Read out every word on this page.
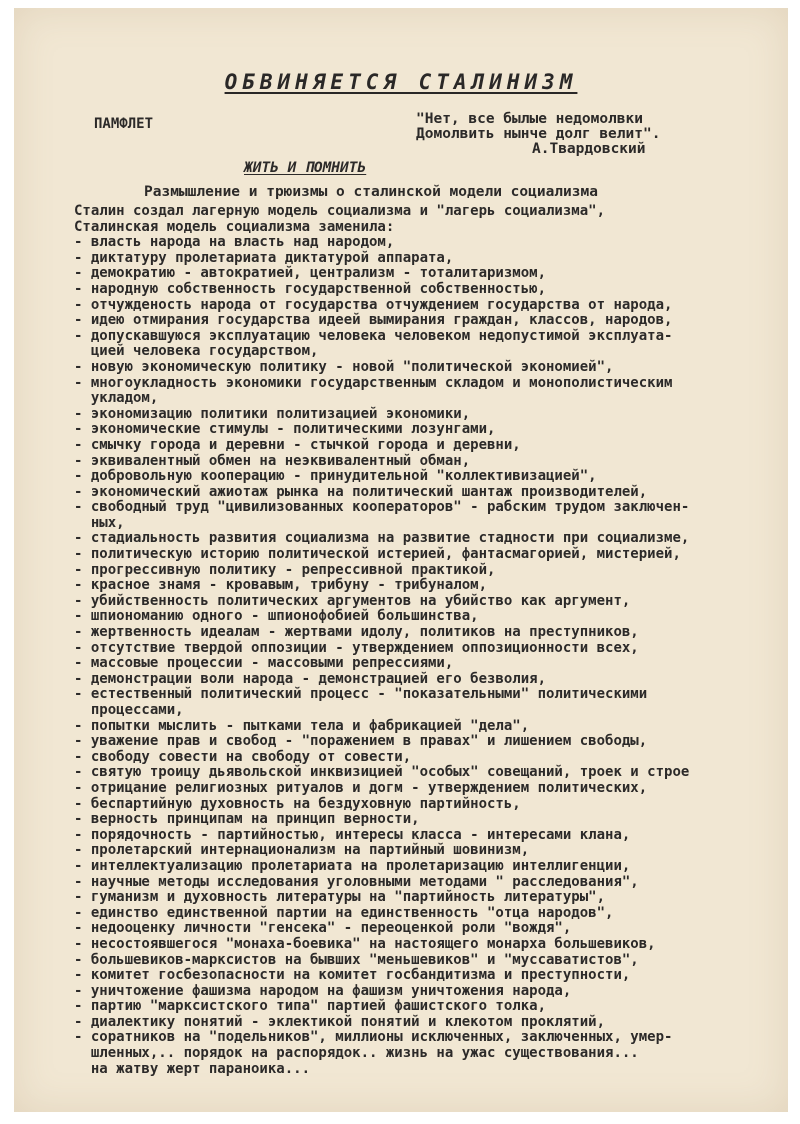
ОБВИНЯЕТСЯ СТАЛИНИЗМ
ПАМФЛЕТ	"Нет, все былые недомолвки
Домолвить нынче долг велит".
А.Твардовский
ЖИТЬ И ПОМНИТЬ
Размышление и трюизмы о сталинской модели социализма
Сталин создал лагерную модель социализма и "лагерь социализма",
Сталинская модель социализма заменила:
- власть народа на власть над народом,
- диктатуру пролетариата диктатурой аппарата,
- демократию - автократией, централизм - тоталитаризмом,
- народную собственность государственной собственностью,
- отчужденость народа от государства отчуждением государства от народа,
- идею отмирания государства идеей вымирания граждан, классов, народов,
- допускавшуюся эксплуатацию человека человеком недопустимой эксплуата-
цией человека государством,
- новую экономическую политику - новой "политической экономией",
- многоукладность экономики государственным складом и монополистическим
укладом,
- экономизацию политики политизацией экономики,
- экономические стимулы - политическими лозунгами,
- смычку города и деревни - стычкой города и деревни,
- эквивалентный обмен на неэквивалентный обман,
- добровольную кооперацию - принудительной "коллективизацией",
- экономический ажиотаж рынка на политический шантаж производителей,
- свободный труд "цивилизованных кооператоров" - рабским трудом заключен-
ных,
- стадиальность развития социализма на развитие стадности при социализме,
- политическую историю политической истерией, фантасмагорией, мистерией,
- прогрессивную политику - репрессивной практикой,
- красное знамя - кровавым, трибуну - трибуналом,
- убийственность политических аргументов на убийство как аргумент,
- шпиономанию одного - шпионофобией большинства,
- жертвенность идеалам - жертвами идолу, политиков на преступников,
- отсутствие твердой оппозиции - утверждением оппозиционности всех,
- массовые процессии - массовыми репрессиями,
- демонстрации воли народа - демонстрацией его безволия,
- естественный политический процесс - "показательными" политическими
процессами,
- попытки мыслить - пытками тела и фабрикацией "дела",
- уважение прав и свобод - "поражением в правах" и лишением свободы,
- свободу совести на свободу от совести,
- святую троицу дьявольской инквизицией "особых" совещаний, троек и строе
- отрицание религиозных ритуалов и догм - утверждением политических,
- беспартийную духовность на бездуховную партийность,
- верность принципам на принцип верности,
- порядочность - партийностью, интересы класса - интересами клана,
- пролетарский интернационализм на партийный шовинизм,
- интеллектуализацию пролетариата на пролетаризацию интеллигенции,
- научные методы исследования уголовными методами " расследования",
- гуманизм и духовность литературы на "партийность литературы",
- единство единственной партии на единственность "отца народов",
- недооценку личности "генсека" - переоценкой роли "вождя",
- несостоявшегося "монаха-боевика" на настоящего монарха большевиков,
- большевиков-марксистов на бывших "меньшевиков" и "муссаватистов",
- комитет госбезопасности на комитет госбандитизма и преступности,
- уничтожение фашизма народом на фашизм уничтожения народа,
- партию "марксистского типа" партией фашистского толка,
- диалектику понятий - эклектикой понятий и клекотом проклятий,
- соратников на "подельников", миллионы исключенных, заключенных, умер-
шленных,.. порядок на распорядок.. жизнь на ужас существования...
на жатву жерт параноика...
